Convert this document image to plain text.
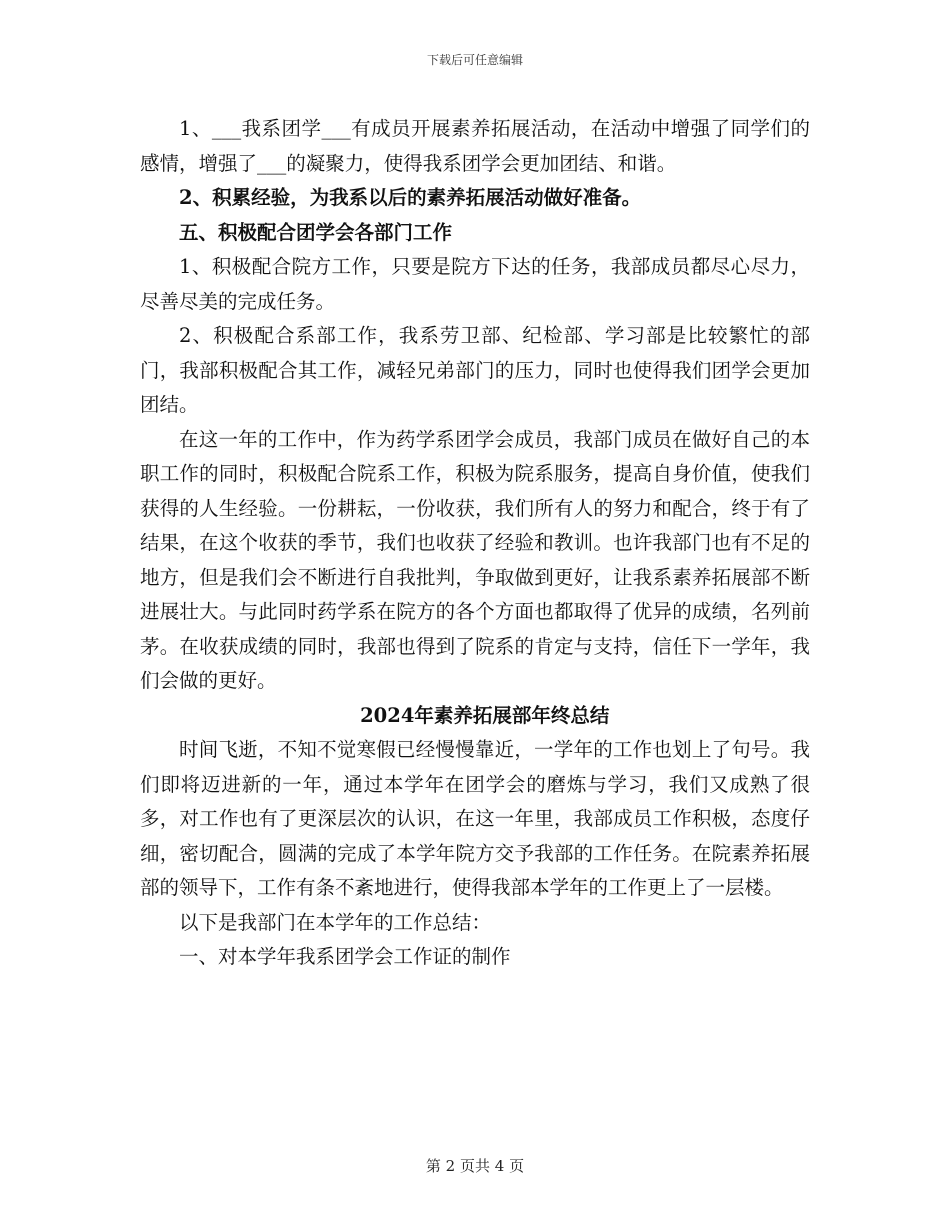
下载后可任意编辑

1、___我系团学___有成员开展素养拓展活动，在活动中增强了同学们的感情，增强了___的凝聚力，使得我系团学会更加团结、和谐。

2、积累经验，为我系以后的素养拓展活动做好准备。

五、积极配合团学会各部门工作

1、积极配合院方工作，只要是院方下达的任务，我部成员都尽心尽力，尽善尽美的完成任务。

2、积极配合系部工作，我系劳卫部、纪检部、学习部是比较繁忙的部门，我部积极配合其工作，减轻兄弟部门的压力，同时也使得我们团学会更加团结。

在这一年的工作中，作为药学系团学会成员，我部门成员在做好自己的本职工作的同时，积极配合院系工作，积极为院系服务，提高自身价值，使我们获得的人生经验。一份耕耘，一份收获，我们所有人的努力和配合，终于有了结果，在这个收获的季节，我们也收获了经验和教训。也许我部门也有不足的地方，但是我们会不断进行自我批判，争取做到更好，让我系素养拓展部不断进展壮大。与此同时药学系在院方的各个方面也都取得了优异的成绩，名列前茅。在收获成绩的同时，我部也得到了院系的肯定与支持，信任下一学年，我们会做的更好。

2024年素养拓展部年终总结

时间飞逝，不知不觉寒假已经慢慢靠近，一学年的工作也划上了句号。我们即将迈进新的一年，通过本学年在团学会的磨炼与学习，我们又成熟了很多，对工作也有了更深层次的认识，在这一年里，我部成员工作积极，态度仔细，密切配合，圆满的完成了本学年院方交予我部的工作任务。在院素养拓展部的领导下，工作有条不紊地进行，使得我部本学年的工作更上了一层楼。

以下是我部门在本学年的工作总结：

一、对本学年我系团学会工作证的制作

第 2 页共 4 页
